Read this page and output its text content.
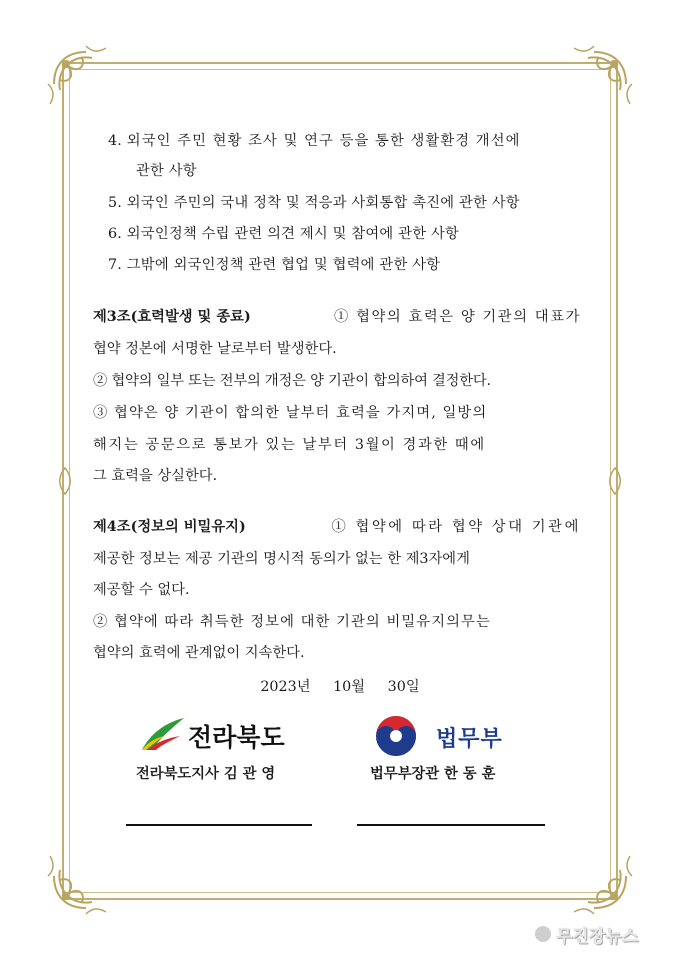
4. 외국인 주민 현황 조사 및 연구 등을 통한 생활환경 개선에
관한 사항
5. 외국인 주민의 국내 정착 및 적응과 사회통합 촉진에 관한 사항
6. 외국인정책 수립 관련 의견 제시 및 참여에 관한 사항
7. 그밖에 외국인정책 관련 협업 및 협력에 관한 사항
제3조(효력발생 및 종료)	① 협약의 효력은 양 기관의 대표가
협약 정본에 서명한 날로부터 발생한다.
② 협약의 일부 또는 전부의 개정은 양 기관이 합의하여 결정한다.
③ 협약은 양 기관이 합의한 날부터 효력을 가지며, 일방의
해지는 공문으로 통보가 있는 날부터 3월이 경과한 때에
그 효력을 상실한다.
제4조(정보의 비밀유지)	① 협약에 따라 협약 상대 기관에
제공한 정보는 제공 기관의 명시적 동의가 없는 한 제3자에게
제공할 수 없다.
② 협약에 따라 취득한 정보에 대한 기관의 비밀유지의무는
협약의 효력에 관계없이 지속한다.
2023년 10월 30일
전라북도	법무부
전라북도지사 김 관 영	법무부장관 한 동 훈
무진장뉴스
